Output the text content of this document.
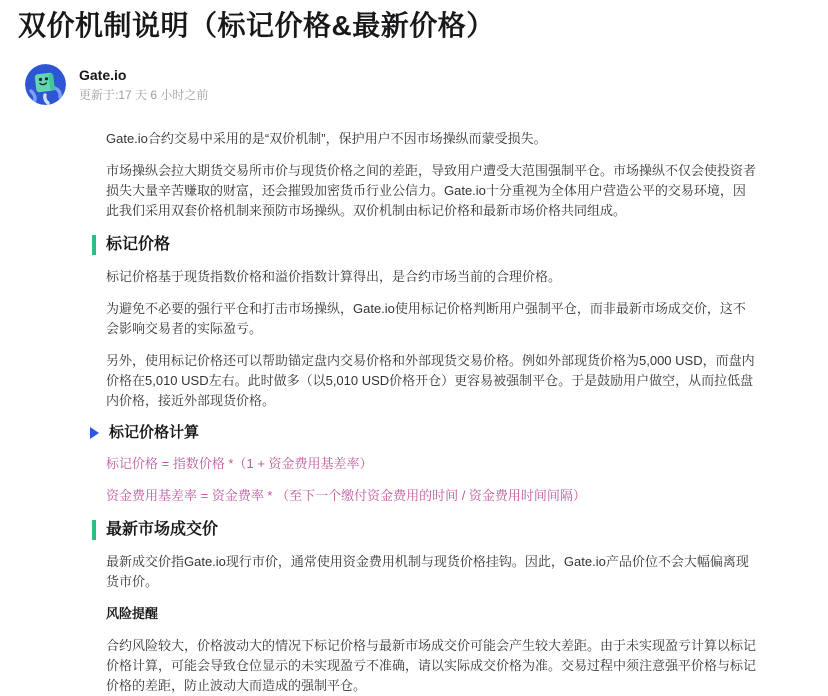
双价机制说明（标记价格&最新价格）
Gate.io
更新于:17 天 6 小时之前

Gate.io合约交易中采用的是“双价机制”，保护用户不因市场操纵而蒙受损失。

市场操纵会拉大期货交易所市价与现货价格之间的差距，导致用户遭受大范围强制平仓。市场操纵不仅会使投资者损失大量辛苦赚取的财富，还会摧毁加密货币行业公信力。Gate.io十分重视为全体用户营造公平的交易环境，因此我们采用双套价格机制来预防市场操纵。双价机制由标记价格和最新市场价格共同组成。

标记价格

标记价格基于现货指数价格和溢价指数计算得出，是合约市场当前的合理价格。

为避免不必要的强行平仓和打击市场操纵，Gate.io使用标记价格判断用户强制平仓，而非最新市场成交价，这不会影响交易者的实际盈亏。

另外，使用标记价格还可以帮助锚定盘内交易价格和外部现货交易价格。例如外部现货价格为5,000 USD，而盘内价格在5,010 USD左右。此时做多（以5,010 USD价格开仓）更容易被强制平仓。于是鼓励用户做空，从而拉低盘内价格，接近外部现货价格。

标记价格计算

标记价格 = 指数价格 *（1 + 资金费用基差率）

资金费用基差率 = 资金费率 * （至下一个缴付资金费用的时间 / 资金费用时间间隔）

最新市场成交价

最新成交价指Gate.io现行市价，通常使用资金费用机制与现货价格挂钩。因此，Gate.io产品价位不会大幅偏离现货市价。

风险提醒

合约风险较大，价格波动大的情况下标记价格与最新市场成交价可能会产生较大差距。由于未实现盈亏计算以标记价格计算，可能会导致仓位显示的未实现盈亏不准确，请以实际成交价格为准。交易过程中须注意强平价格与标记价格的差距，防止波动大而造成的强制平仓。
